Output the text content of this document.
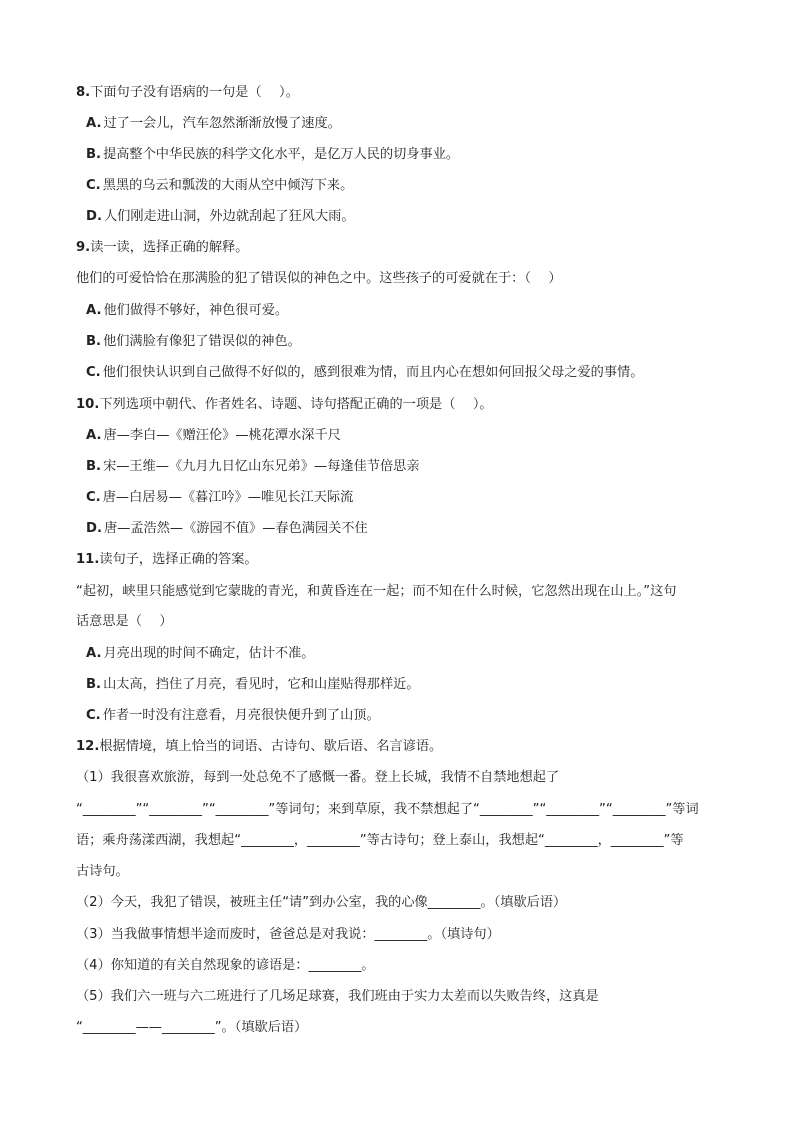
8.下面句子没有语病的一句是（　 ）。
A. 过了一会儿，汽车忽然渐渐放慢了速度。
B. 提高整个中华民族的科学文化水平，是亿万人民的切身事业。
C. 黑黑的乌云和瓢泼的大雨从空中倾泻下来。
D. 人们刚走进山洞，外边就刮起了狂风大雨。
9.读一读，选择正确的解释。
他们的可爱恰恰在那满脸的犯了错误似的神色之中。这些孩子的可爱就在于：（　 ）
A. 他们做得不够好，神色很可爱。
B. 他们满脸有像犯了错误似的神色。
C. 他们很快认识到自己做得不好似的，感到很难为情，而且内心在想如何回报父母之爱的事情。
10.下列选项中朝代、作者姓名、诗题、诗句搭配正确的一项是（　 ）。
A. 唐—李白—《赠汪伦》—桃花潭水深千尺
B. 宋—王维—《九月九日忆山东兄弟》—每逢佳节倍思亲
C. 唐—白居易—《暮江吟》—唯见长江天际流
D. 唐—孟浩然—《游园不值》—春色满园关不住
11.读句子，选择正确的答案。
“起初，峡里只能感觉到它蒙眬的青光，和黄昏连在一起；而不知在什么时候，它忽然出现在山上。”这句
话意思是（　 ）
A. 月亮出现的时间不确定，估计不准。
B. 山太高，挡住了月亮，看见时，它和山崖贴得那样近。
C. 作者一时没有注意看，月亮很快便升到了山顶。
12.根据情境，填上恰当的词语、古诗句、歇后语、名言谚语。
（1）我很喜欢旅游，每到一处总免不了感慨一番。登上长城，我情不自禁地想起了
“________”“________”“________”等词句；来到草原，我不禁想起了“________”“________”“________”等词
语；乘舟荡漾西湖，我想起“________，________”等古诗句；登上泰山，我想起“________，________”等
古诗句。
（2）今天，我犯了错误，被班主任“请”到办公室，我的心像________。（填歇后语）
（3）当我做事情想半途而废时，爸爸总是对我说：________。（填诗句）
（4）你知道的有关自然现象的谚语是：________。
（5）我们六一班与六二班进行了几场足球赛，我们班由于实力太差而以失败告终，这真是
“________——________”。（填歇后语）
